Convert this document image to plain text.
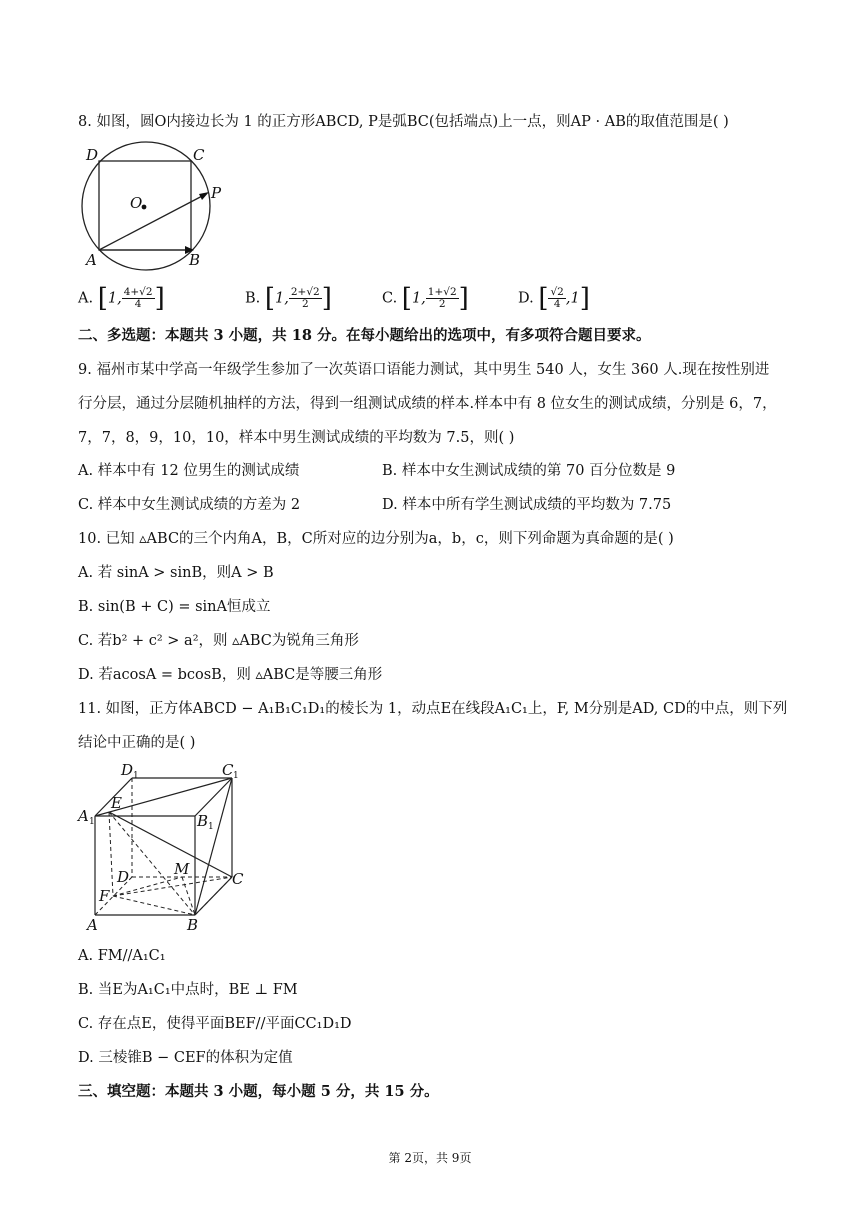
8. 如图，圆O内接边长为 1 的正方形ABCD, P是弧BC(包括端点)上一点，则AP · AB的取值范围是( )
D	C
O
P
A	B
A. [1, $\frac{4+√2}{4}$ ]	B. [1, $\frac{2+√2}{2}$ ]	C. [1, $\frac{1+√2}{2}$ ]	D. [ $\frac{√2}{4} ,1$]
二、多选题：本题共 3 小题，共 18 分。在每小题给出的选项中，有多项符合题目要求。
9. 福州市某中学高一年级学生参加了一次英语口语能力测试，其中男生 540 人，女生 360 人.现在按性别进
行分层，通过分层随机抽样的方法，得到一组测试成绩的样本.样本中有 8 位女生的测试成绩，分别是 6，7，
7，7，8，9，10，10，样本中男生测试成绩的平均数为 7.5，则( )
A. 样本中有 12 位男生的测试成绩	B. 样本中女生测试成绩的第 70 百分位数是 9
C. 样本中女生测试成绩的方差为 2	D. 样本中所有学生测试成绩的平均数为 7.75
10. 已知 ▵ABC的三个内角A，B，C所对应的边分别为a，b，c，则下列命题为真命题的是( )
A. 若 sinA > sinB，则A > B
B. sin(B + C) = sinA恒成立
C. 若b² + c² > a²，则 ▵ABC为锐角三角形
D. 若acosA = bcosB，则 ▵ABC是等腰三角形
11. 如图，正方体ABCD − A₁B₁C₁D₁的棱长为 1，动点E在线段A₁C₁上，F, M分别是AD, CD的中点，则下列
结论中正确的是( )
D 1	C 1
A 1	B 1
E
D	M
C
F
A	B
A. FM//A₁C₁
B. 当E为A₁C₁中点时，BE ⊥ FM
C. 存在点E，使得平面BEF//平面CC₁D₁D
D. 三棱锥B − CEF的体积为定值
三、填空题：本题共 3 小题，每小题 5 分，共 15 分。
第 2页，共 9页
